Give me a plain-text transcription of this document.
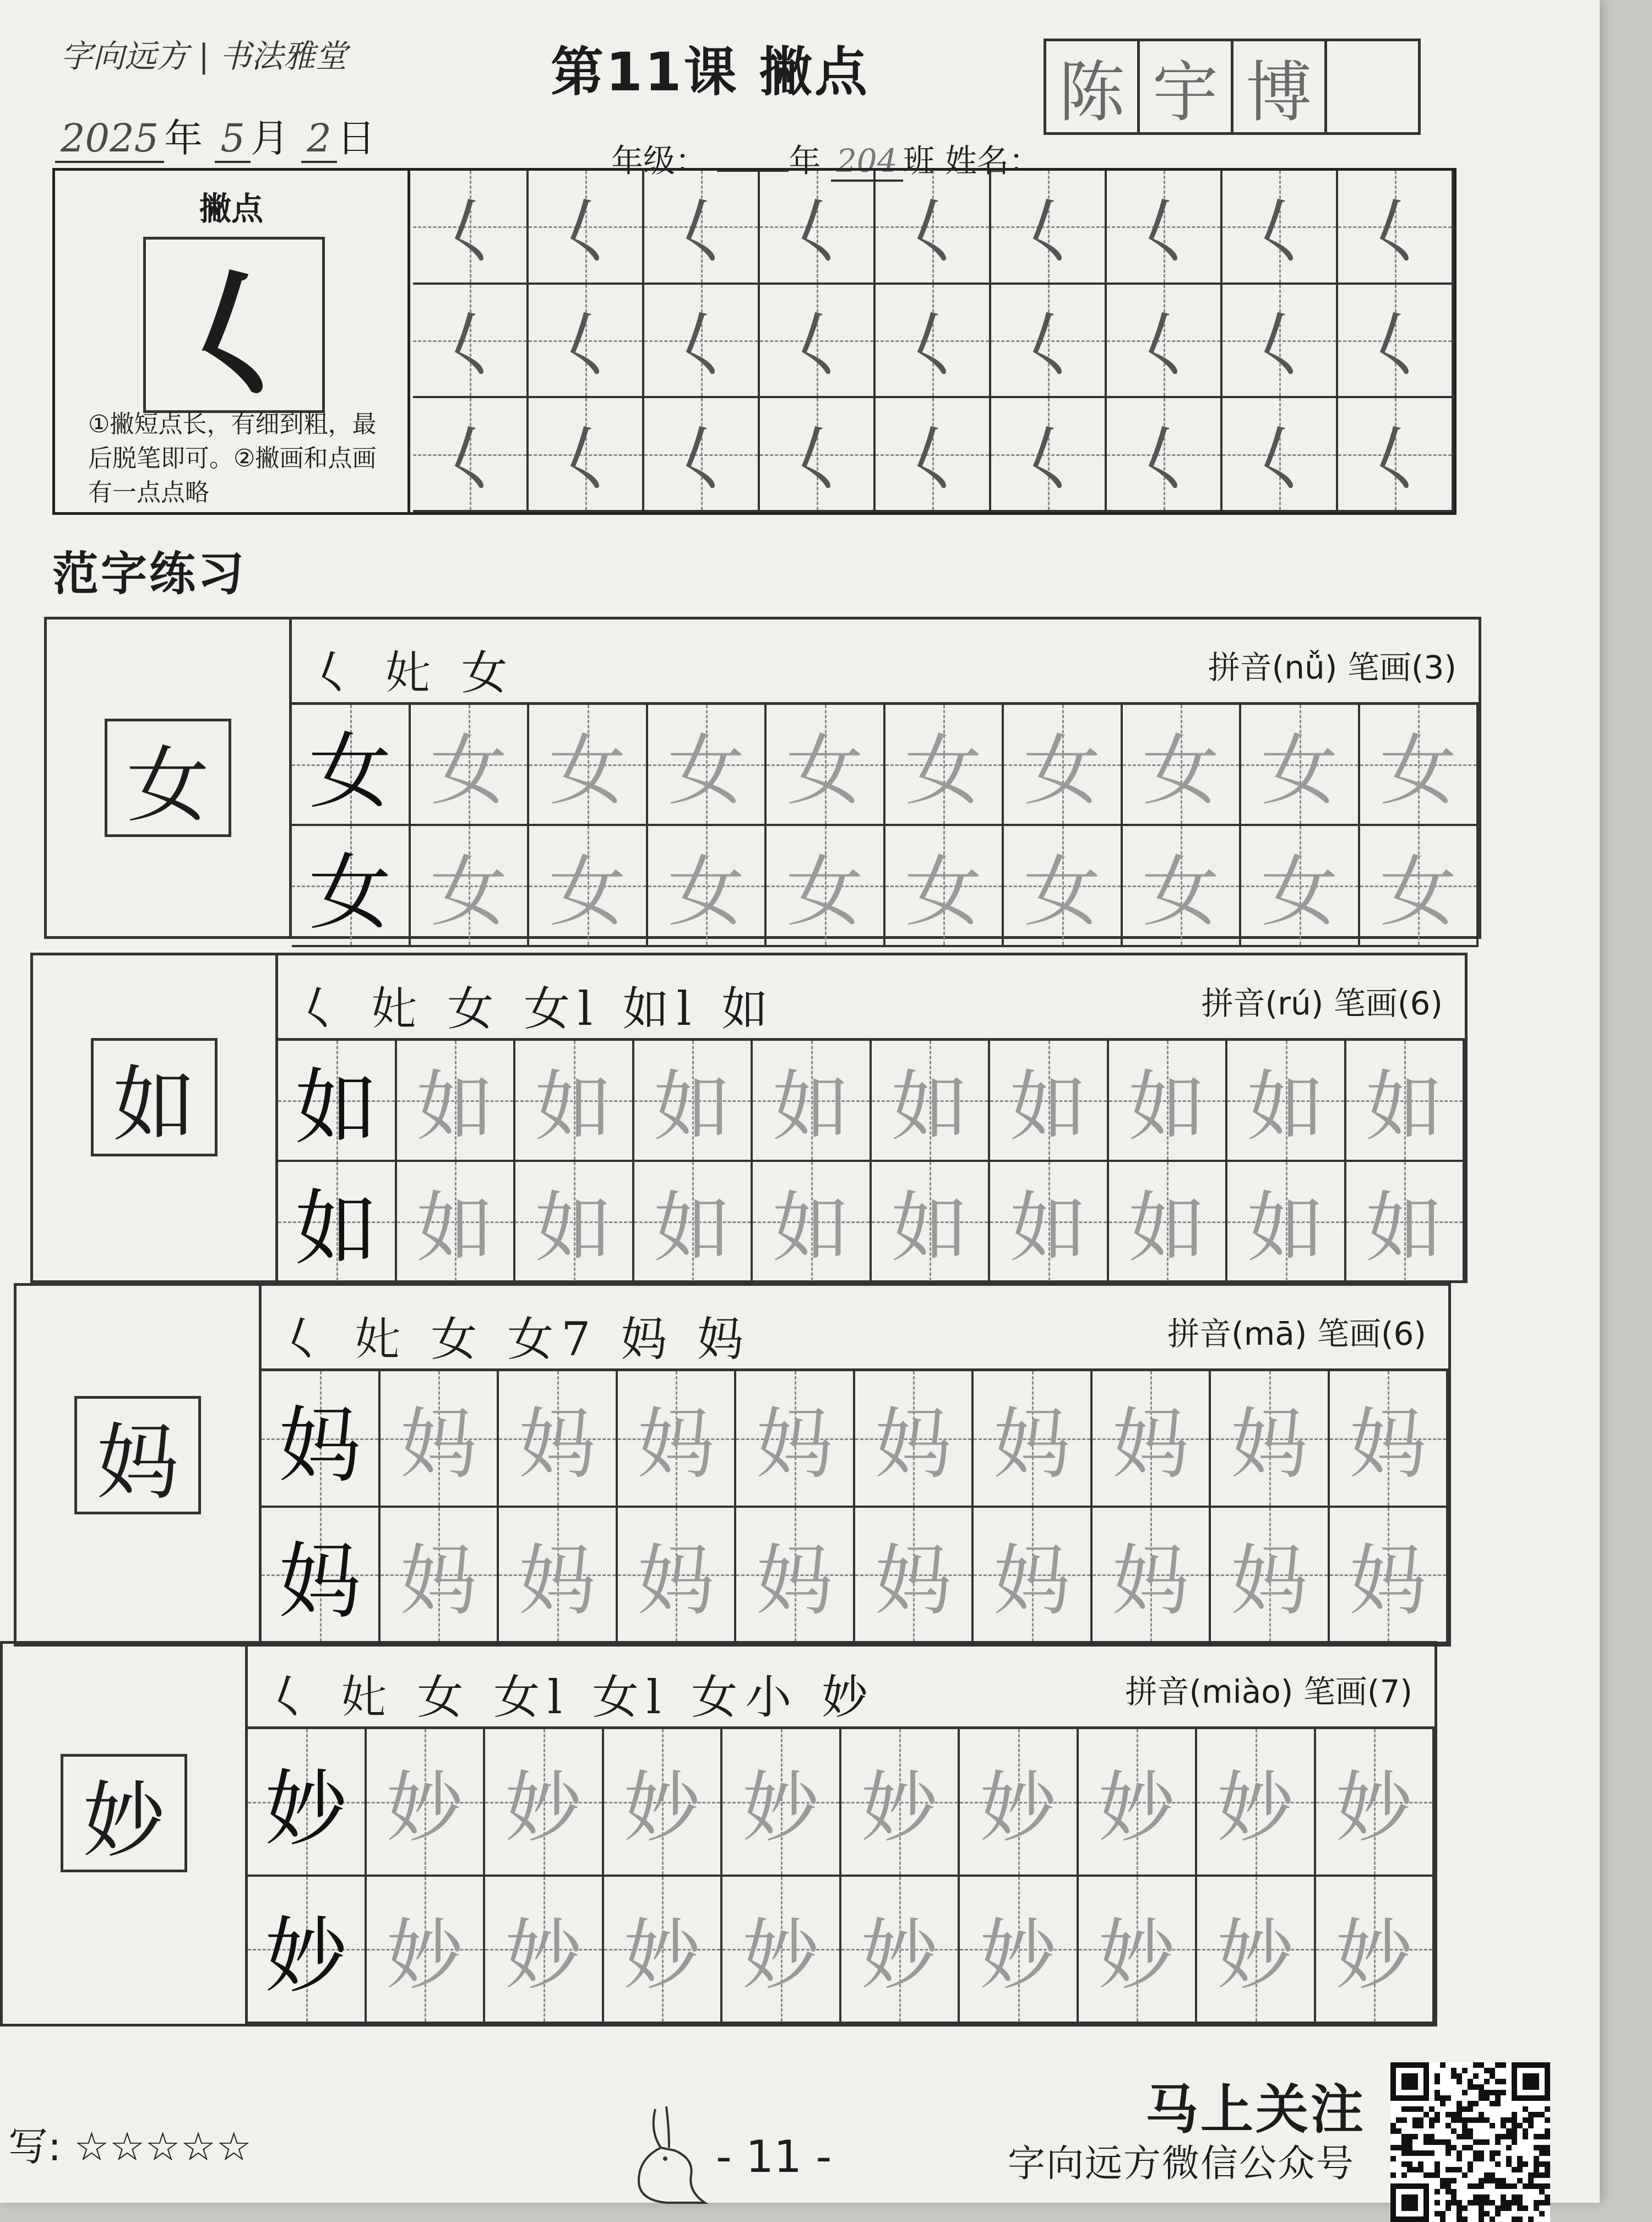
字向远方 | 书法雅堂	第11课 撇点
2025 年 5 月 2 日	年级：	年 204 班 姓名：
陈 宇 博
撇点
𡿨
①撇短点长，有细到粗，最后脱笔即可。②撇画和点画有一点点略
𡿨 𡿨 𡿨 𡿨 𡿨 𡿨 𡿨 𡿨 𡿨
𡿨 𡿨 𡿨 𡿨 𡿨 𡿨 𡿨 𡿨 𡿨
𡿨 𡿨 𡿨 𡿨 𡿨 𡿨 𡿨 𡿨 𡿨
范字练习
女
𡿨 𡚨 女	拼音(nǚ) 笔画(3)
女 女 女 女 女 女 女 女 女 女
女 女 女 女 女 女 女 女 女 女
如
𡿨 𡚨 女 女l 如l 如	拼音(rú) 笔画(6)
如 如 如 如 如 如 如 如 如 如
如 如 如 如 如 如 如 如 如 如
妈
𡿨 𡚨 女 女7 妈 妈	拼音(mā) 笔画(6)
妈 妈 妈 妈 妈 妈 妈 妈 妈 妈
妈 妈 妈 妈 妈 妈 妈 妈 妈 妈
妙
𡿨 𡚨 女 女l 女l 女小 妙	拼音(miào) 笔画(7)
妙 妙 妙 妙 妙 妙 妙 妙 妙 妙
妙 妙 妙 妙 妙 妙 妙 妙 妙 妙
写: ☆☆☆☆☆	- 11 -
马上关注
字向远方微信公众号
